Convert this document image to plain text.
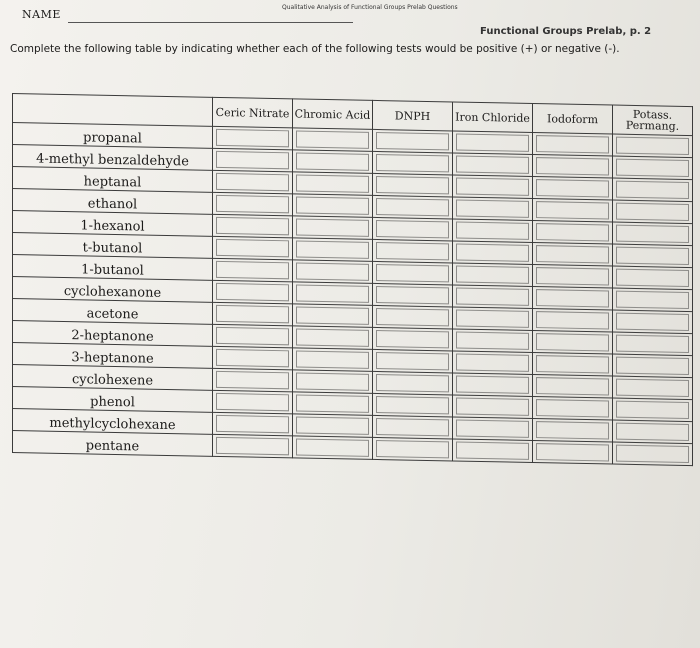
NAME
Qualitative Analysis of Functional Groups Prelab Questions
Functional Groups Prelab, p. 2
Complete the following table by indicating whether each of the following tests would be positive (+) or negative (-).
	Ceric Nitrate	Chromic Acid	DNPH	Iron Chloride	Iodoform	Potass. Permang.
propanal	

4-methyl benzaldehyde	

heptanal	

ethanol	

1-hexanol	

t-butanol	

1-butanol	

cyclohexanone	

acetone	

2-heptanone	

3-heptanone	

cyclohexene	

phenol	

methylcyclohexane	

pentane	
